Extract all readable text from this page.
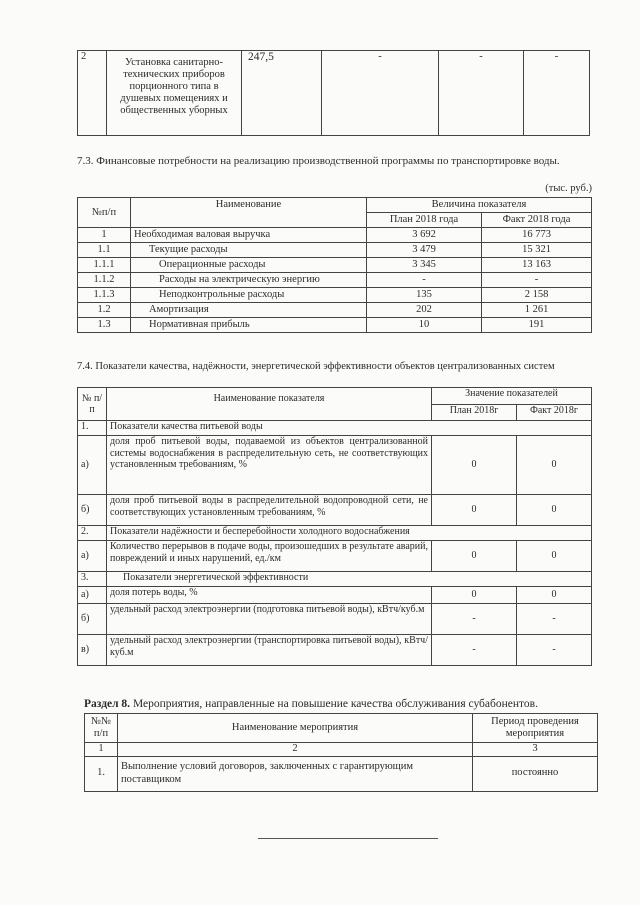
2	Установка санитарно-технических приборов порционного типа в душевых помещениях и общественных уборных	247,5	-	-	-
7.3. Финансовые потребности на реализацию производственной программы по транспортировке воды.
(тыс. руб.)
№п/п	Наименование	Величина показателя	
		План 2018 года	Факт 2018 года
1	Необходимая валовая выручка	3 692	16 773
1.1	Текущие расходы	3 479	15 321
1.1.1	Операционные расходы	3 345	13 163
1.1.2	Расходы на электрическую энергию	-	-
1.1.3	Неподконтрольные расходы	135	2 158
1.2	Амортизация	202	1 261
1.3	Нормативная прибыль	10	191
7.4. Показатели качества, надёжности, энергетической эффективности объектов централизованных систем
№ п/п	Наименование показателя	Значение показателей	
		План 2018г	Факт 2018г
1.	Показатели качества питьевой воды		
а)	доля проб питьевой воды, подаваемой из объектов централизованной системы водоснабжения в распределительную сеть, не соответствующих установленным требованиям, %	0	0
б)	доля проб питьевой воды в распределительной водопроводной сети, не соответствующих установленным требованиям, %	0	0
2.	Показатели надёжности и бесперебойности холодного водоснабжения		
а)	Количество перерывов в подаче воды, произошедших в результате аварий, повреждений и иных нарушений, ед./км	0	0
3.	Показатели энергетической эффективности		
а)	доля потерь воды, %	0	0
б)	удельный расход электроэнергии (подготовка питьевой воды), кВтч/куб.м	-	-
в)	удельный расход электроэнергии (транспортировка питьевой воды), кВтч/куб.м	-	-
Раздел 8. Мероприятия, направленные на повышение качества обслуживания субабонентов.
№№ п/п	Наименование мероприятия	Период проведения мероприятия
1	2	3
1.	Выполнение условий договоров, заключенных с гарантирующим поставщиком	постоянно
